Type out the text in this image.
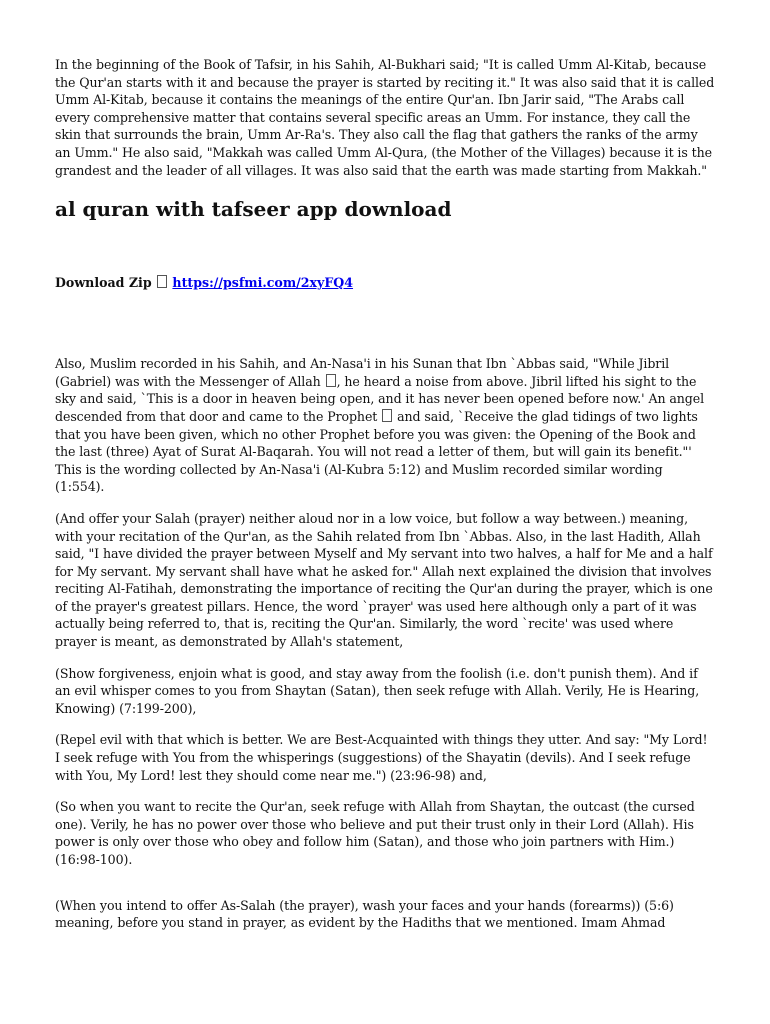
In the beginning of the Book of Tafsir, in his Sahih, Al-Bukhari said; "It is called Umm Al-Kitab, because the Qur'an starts with it and because the prayer is started by reciting it." It was also said that it is called Umm Al-Kitab, because it contains the meanings of the entire Qur'an. Ibn Jarir said, "The Arabs call every comprehensive matter that contains several specific areas an Umm. For instance, they call the skin that surrounds the brain, Umm Ar-Ra's. They also call the flag that gathers the ranks of the army an Umm." He also said, "Makkah was called Umm Al-Qura, (the Mother of the Villages) because it is the grandest and the leader of all villages. It was also said that the earth was made starting from Makkah."

al quran with tafseer app download
Download Zip https://psfmi.com/2xyFQ4

Also, Muslim recorded in his Sahih, and An-Nasa'i in his Sunan that Ibn `Abbas said, "While Jibril (Gabriel) was with the Messenger of Allah , he heard a noise from above. Jibril lifted his sight to the sky and said, `This is a door in heaven being open, and it has never been opened before now.' An angel descended from that door and came to the Prophet  and said, `Receive the glad tidings of two lights that you have been given, which no other Prophet before you was given: the Opening of the Book and the last (three) Ayat of Surat Al-Baqarah. You will not read a letter of them, but will gain its benefit."' This is the wording collected by An-Nasa'i (Al-Kubra 5:12) and Muslim recorded similar wording (1:554).

(And offer your Salah (prayer) neither aloud nor in a low voice, but follow a way between.) meaning, with your recitation of the Qur'an, as the Sahih related from Ibn `Abbas. Also, in the last Hadith, Allah said, "I have divided the prayer between Myself and My servant into two halves, a half for Me and a half for My servant. My servant shall have what he asked for." Allah next explained the division that involves reciting Al-Fatihah, demonstrating the importance of reciting the Qur'an during the prayer, which is one of the prayer's greatest pillars. Hence, the word `prayer' was used here although only a part of it was actually being referred to, that is, reciting the Qur'an. Similarly, the word `recite' was used where prayer is meant, as demonstrated by Allah's statement,

(Show forgiveness, enjoin what is good, and stay away from the foolish (i.e. don't punish them). And if an evil whisper comes to you from Shaytan (Satan), then seek refuge with Allah. Verily, He is Hearing, Knowing) (7:199-200),

(Repel evil with that which is better. We are Best-Acquainted with things they utter. And say: "My Lord! I seek refuge with You from the whisperings (suggestions) of the Shayatin (devils). And I seek refuge with You, My Lord! lest they should come near me.") (23:96-98) and,

(So when you want to recite the Qur'an, seek refuge with Allah from Shaytan, the outcast (the cursed one). Verily, he has no power over those who believe and put their trust only in their Lord (Allah). His power is only over those who obey and follow him (Satan), and those who join partners with Him.) (16:98-100).

(When you intend to offer As-Salah (the prayer), wash your faces and your hands (forearms)) (5:6) meaning, before you stand in prayer, as evident by the Hadiths that we mentioned. Imam Ahmad
